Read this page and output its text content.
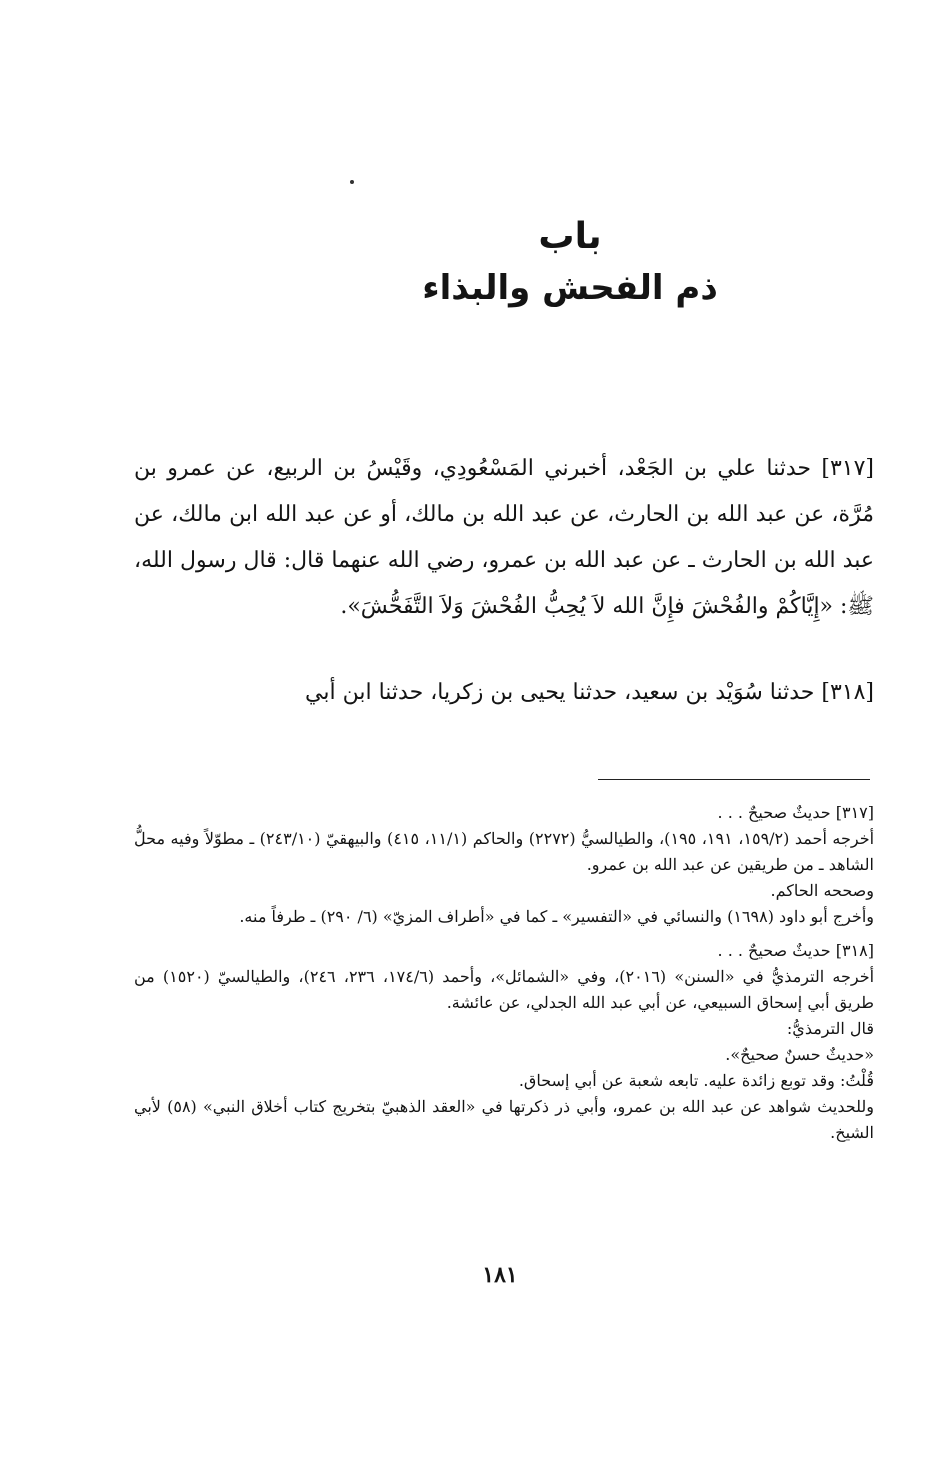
باب
ذم الفحش والبذاء

[٣١٧] حدثنا علي بن الجَعْد، أخبرني المَسْعُودِي، وقَيْسُ بن الربيع، عن عمرو بن مُرَّة، عن عبد الله بن الحارث، عن عبد الله بن مالك، أو عن عبد الله ابن مالك، عن عبد الله بن الحارث ـ عن عبد الله بن عمرو، رضي الله عنهما قال: قال رسول الله، ﷺ: «إِيَّاكُمْ والفُحْشَ فإِنَّ الله لاَ يُحِبُّ الفُحْشَ وَلاَ التَّفَحُّشَ».

[٣١٨] حدثنا سُوَيْد بن سعيد، حدثنا يحيى بن زكريا، حدثنا ابن أبي

[٣١٧] حديثٌ صحيحٌ . . .

أخرجه أحمد (١٥٩/٢، ١٩١، ١٩٥)، والطيالسيُّ (٢٢٧٢) والحاكم (١١/١، ٤١٥) والبيهقيّ (٢٤٣/١٠) ـ مطوّلاً وفيه محلُّ الشاهد ـ من طريقين عن عبد الله بن عمرو.

وصححه الحاكم.

وأخرج أبو داود (١٦٩٨) والنسائي في «التفسير» ـ كما في «أطراف المزيّ» (٦/ ٢٩٠) ـ طرفاً منه.

[٣١٨] حديثٌ صحيحٌ . . .

أخرجه الترمذيُّ في «السنن» (٢٠١٦)، وفي «الشمائل»، وأحمد (١٧٤/٦، ٢٣٦، ٢٤٦)، والطيالسيّ (١٥٢٠) من طريق أبي إسحاق السبيعي، عن أبي عبد الله الجدلي، عن عائشة.

قال الترمذيُّ:

«حديثٌ حسنٌ صحيحٌ».

قُلْتُ: وقد توبع زائدة عليه. تابعه شعبة عن أبي إسحاق.

وللحديث شواهد عن عبد الله بن عمرو، وأبي ذر ذكرتها في «العقد الذهبيّ بتخريج كتاب أخلاق النبي» (٥٨) لأبي الشيخ.

١٨١
